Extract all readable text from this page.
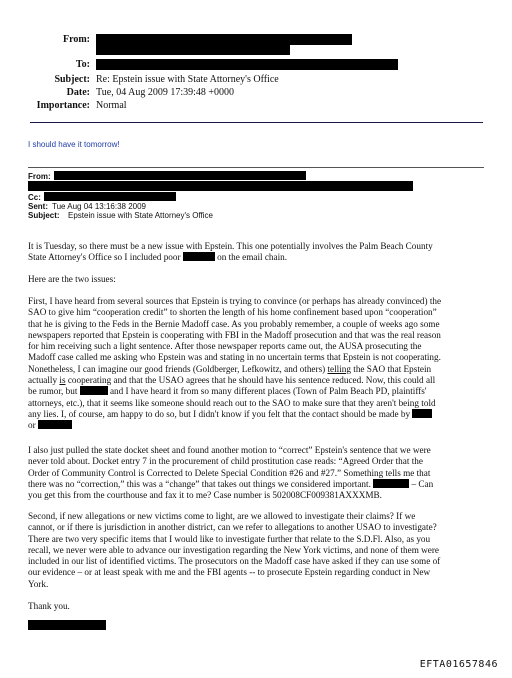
From:
To:
Subject: Re: Epstein issue with State Attorney's Office
Date: Tue, 04 Aug 2009 17:39:48 +0000
Importance: Normal
I should have it tomorrow!
From:
Cc:
Sent: Tue Aug 04 13:16:38 2009
Subject: Epstein issue with State Attorney's Office
It is Tuesday, so there must be a new issue with Epstein. This one potentially involves the Palm Beach County
State Attorney's Office so I included poor	on the email chain.
Here are the two issues:
First, I have heard from several sources that Epstein is trying to convince (or perhaps has already convinced) the
SAO to give him “cooperation credit” to shorten the length of his home confinement based upon “cooperation”
that he is giving to the Feds in the Bernie Madoff case. As you probably remember, a couple of weeks ago some
newspapers reported that Epstein is cooperating with FBI in the Madoff prosecution and that was the real reason
for him receiving such a light sentence. After those newspaper reports came out, the AUSA prosecuting the
Madoff case called me asking who Epstein was and stating in no uncertain terms that Epstein is not cooperating.
Nonetheless, I can imagine our good friends (Goldberger, Lefkowitz, and others) telling the SAO that Epstein
actually is cooperating and that the USAO agrees that he should have his sentence reduced. Now, this could all
be rumor, but	and I have heard it from so many different places (Town of Palm Beach PD, plaintiffs'
attorneys, etc.), that it seems like someone should reach out to the SAO to make sure that they aren't being told
any lies. I, of course, am happy to do so, but I didn't know if you felt that the contact should be made by
or
I also just pulled the state docket sheet and found another motion to “correct” Epstein's sentence that we were
never told about. Docket entry 7 in the procurement of child prostitution case reads: “Agreed Order that the
Order of Community Control is Corrected to Delete Special Condition #26 and #27.” Something tells me that
there was no “correction,” this was a “change” that takes out things we considered important.	– Can
you get this from the courthouse and fax it to me? Case number is 502008CF009381AXXXMB.
Second, if new allegations or new victims come to light, are we allowed to investigate their claims? If we
cannot, or if there is jurisdiction in another district, can we refer to allegations to another USAO to investigate?
There are two very specific items that I would like to investigate further that relate to the S.D.Fl. Also, as you
recall, we never were able to advance our investigation regarding the New York victims, and none of them were
included in our list of identified victims. The prosecutors on the Madoff case have asked if they can use some of
our evidence – or at least speak with me and the FBI agents -- to prosecute Epstein regarding conduct in New
York.
Thank you.
EFTA01657846
